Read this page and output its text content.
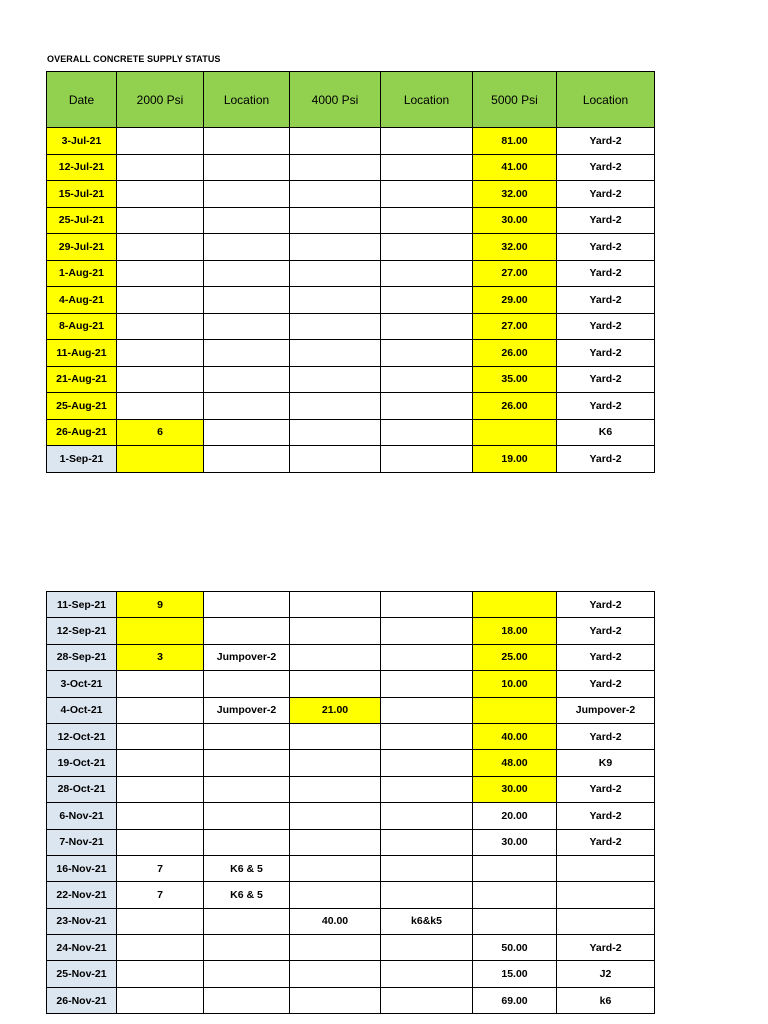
OVERALL CONCRETE SUPPLY STATUS
Date	2000 Psi	Location	4000 Psi	Location	5000 Psi	Location
3-Jul-21					81.00	Yard-2
12-Jul-21					41.00	Yard-2
15-Jul-21					32.00	Yard-2
25-Jul-21					30.00	Yard-2
29-Jul-21					32.00	Yard-2
1-Aug-21					27.00	Yard-2
4-Aug-21					29.00	Yard-2
8-Aug-21					27.00	Yard-2
11-Aug-21					26.00	Yard-2
21-Aug-21					35.00	Yard-2
25-Aug-21					26.00	Yard-2
26-Aug-21	6					K6
1-Sep-21					19.00	Yard-2
11-Sep-21	9					Yard-2
12-Sep-21					18.00	Yard-2
28-Sep-21	3	Jumpover-2			25.00	Yard-2
3-Oct-21					10.00	Yard-2
4-Oct-21		Jumpover-2	21.00			Jumpover-2
12-Oct-21					40.00	Yard-2
19-Oct-21					48.00	K9
28-Oct-21					30.00	Yard-2
6-Nov-21					20.00	Yard-2
7-Nov-21					30.00	Yard-2
16-Nov-21	7	K6 & 5				
22-Nov-21	7	K6 & 5				
23-Nov-21			40.00	k6&k5		
24-Nov-21					50.00	Yard-2
25-Nov-21					15.00	J2
26-Nov-21					69.00	k6
